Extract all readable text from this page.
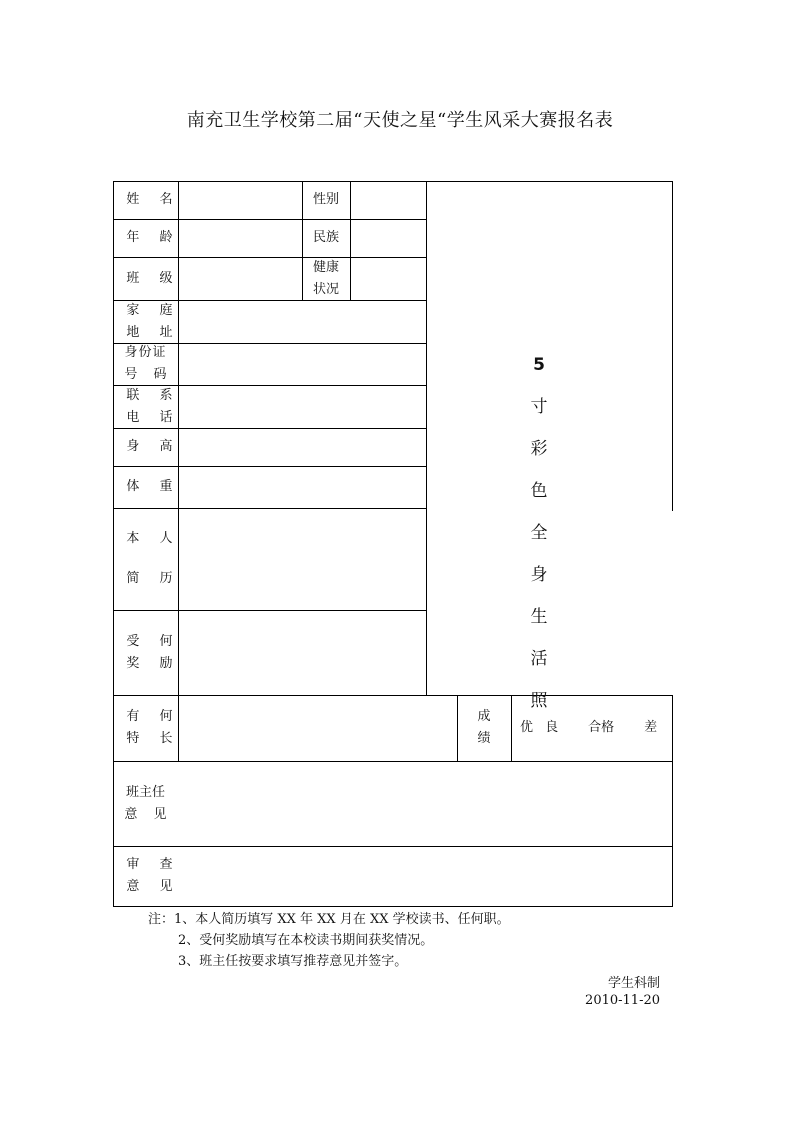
南充卫生学校第二届“天使之星“学生风采大赛报名表
姓 名	性别
年 龄	民族
班 级
健康
状况
家 庭
地 址
身份证
号 码
联 系
电 话
身 高
体 重
本 人
简 历
受 何
奖 励
有 何
特 长
成
绩
优 良 合格 差
班主任
意 见
审 查
意 见
5
寸
彩
色
全
身
生
活
照
注：1、本人简历填写 XX 年 XX 月在 XX 学校读书、任何职。
2、受何奖励填写在本校读书期间获奖情况。
3、班主任按要求填写推荐意见并签字。
学生科制
2010-11-20
